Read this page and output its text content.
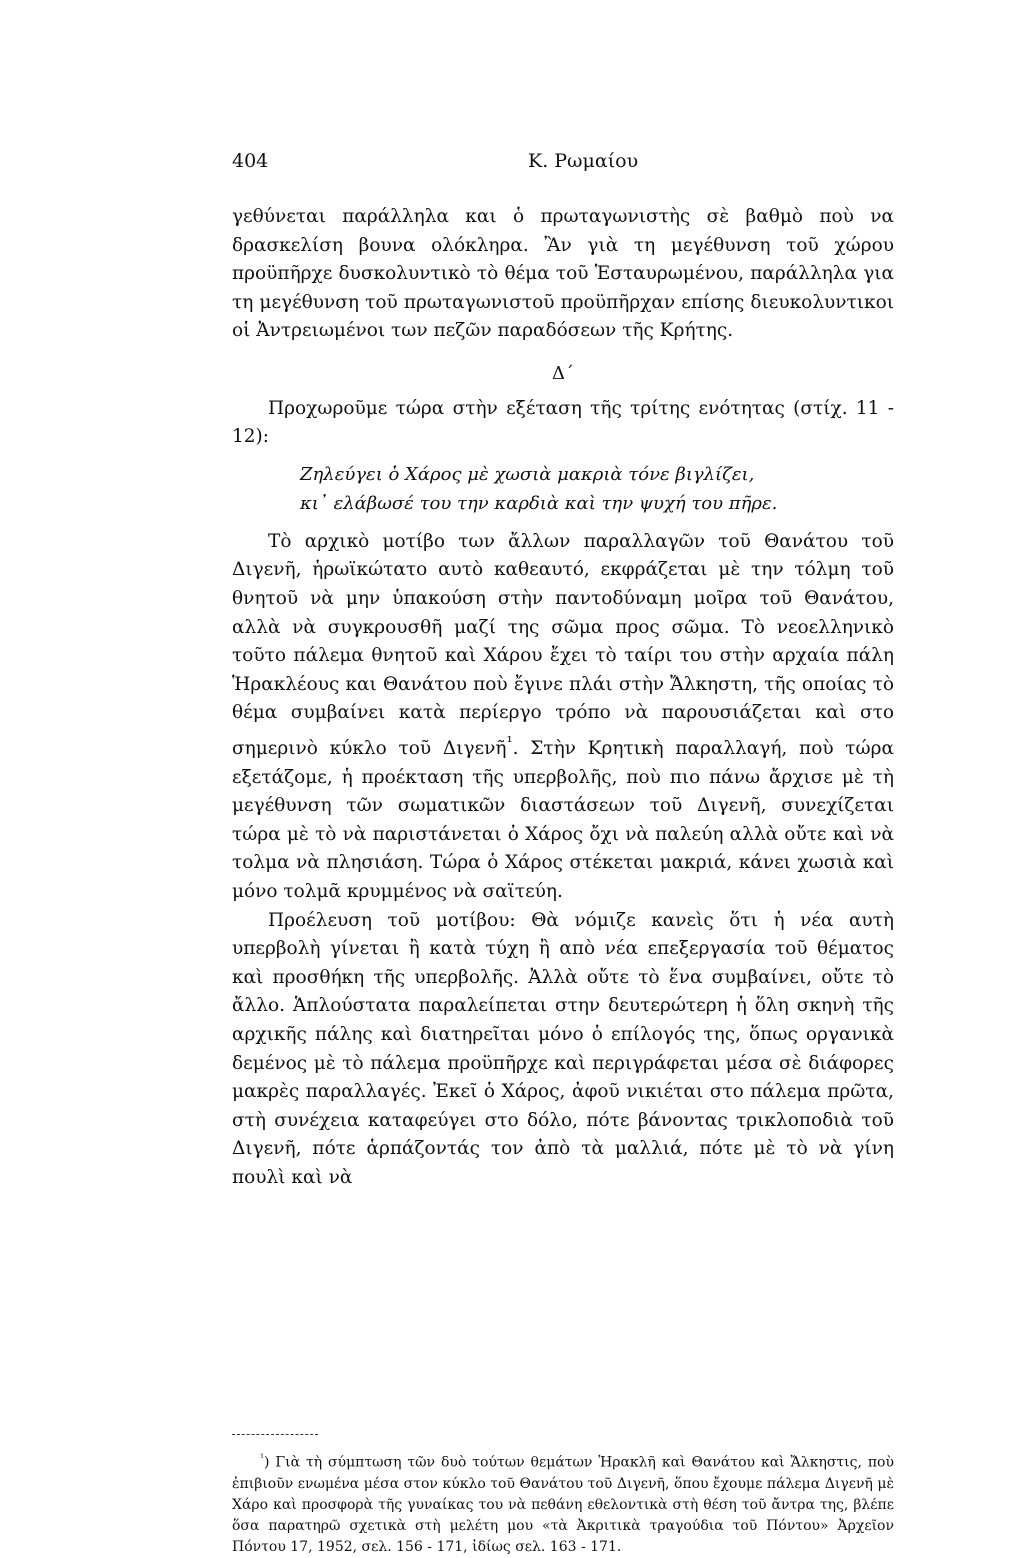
404	Κ. Ρωμαίου

γεθύνεται παράλληλα και ὁ πρωταγωνιστὴς σὲ βαθμὸ ποὺ να δρασκελίση βουνα ολόκληρα. Ἂν γιὰ τη μεγέθυνση τοῦ χώρου προϋπῆρχε δυσκολυντικὸ τὸ θέμα τοῦ Ἑσταυρωμένου, παράλληλα για τη μεγέθυνση τοῦ πρωταγωνιστοῦ προϋπῆρχαν επίσης διευκολυντικοι οἱ Ἀντρειωμένοι των πεζῶν παραδόσεων τῆς Κρήτης.

Δ΄

Προχωροῦμε τώρα στὴν εξέταση τῆς τρίτης ενότητας (στίχ. 11 - 12):

Ζηλεύγει ὁ Χάρος μὲ χωσιὰ μακριὰ τόνε βιγλίζει,
κι᾽ ελάβωσέ του την καρδιὰ καὶ την ψυχή του πῆρε.

Τὸ αρχικὸ μοτίβο των ἄλλων παραλλαγῶν τοῦ Θανάτου τοῦ Διγενῆ, ἡρωϊκώτατο αυτὸ καθεαυτό, εκφράζεται μὲ την τόλμη τοῦ θνητοῦ νὰ μην ὑπακούση στὴν παντοδύναμη μοῖρα τοῦ Θανάτου, αλλὰ νὰ συγκρουσθῆ μαζί της σῶμα προς σῶμα. Τὸ νεοελληνικὸ τοῦτο πάλεμα θνητοῦ καὶ Χάρου ἔχει τὸ ταίρι του στὴν αρχαία πάλη Ἡρακλέους και Θανάτου ποὺ ἔγινε πλάι στὴν Ἄλκηστη, τῆς οποίας τὸ θέμα συμβαίνει κατὰ περίεργο τρόπο νὰ παρουσιάζεται καὶ στο σημερινὸ κύκλο τοῦ Διγενῆ$^{^1}$. Στὴν Κρητικὴ παραλλαγή, ποὺ τώρα εξετάζομε, ἡ προέκταση τῆς υπερβολῆς, ποὺ πιο πάνω ἄρχισε μὲ τὴ μεγέθυνση τῶν σωματικῶν διαστάσεων τοῦ Διγενῆ, συνεχίζεται τώρα μὲ τὸ νὰ παριστάνεται ὁ Χάρος ὄχι νὰ παλεύη αλλὰ οὔτε καὶ νὰ τολμα νὰ πλησιάση. Τώρα ὁ Χάρος στέκεται μακριά, κάνει χωσιὰ καὶ μόνο τολμᾶ κρυμμένος νὰ σαϊτεύη.

Προέλευση τοῦ μοτίβου: Θὰ νόμιζε κανεὶς ὅτι ἡ νέα αυτὴ υπερβολὴ γίνεται ἢ κατὰ τύχη ἢ απὸ νέα επεξεργασία τοῦ θέματος καὶ προσθήκη τῆς υπερβολῆς. Ἀλλὰ οὔτε τὸ ἕνα συμβαίνει, οὔτε τὸ ἄλλο. Ἁπλούστατα παραλείπεται στην δευτερώτερη ἡ ὅλη σκηνὴ τῆς αρχικῆς πάλης καὶ διατηρεῖται μόνο ὁ επίλογός της, ὅπως οργανικὰ δεμένος μὲ τὸ πάλεμα προϋπῆρχε καὶ περιγράφεται μέσα σὲ διάφορες μακρὲς παραλλαγές. Ἐκεῖ ὁ Χάρος, ἀφοῦ νικιέται στο πάλεμα πρῶτα, στὴ συνέχεια καταφεύγει στο δόλο, πότε βάνοντας τρικλοποδιὰ τοῦ Διγενῆ, πότε ἁρπάζοντάς τον ἀπὸ τὰ μαλλιά, πότε μὲ τὸ νὰ γίνη πουλὶ καὶ νὰ

$^{^1}$) Γιὰ τὴ σύμπτωση τῶν δυὸ τούτων θεμάτων Ἡρακλῆ καὶ Θανάτου καὶ Ἄλκηστις, ποὺ ἐπιβιοῦν ενωμένα μέσα στον κύκλο τοῦ Θανάτου τοῦ Διγενῆ, ὅπου ἔχουμε πάλεμα Διγενῆ μὲ Χάρο καὶ προσφορὰ τῆς γυναίκας του νὰ πεθάνη εθελοντικὰ στὴ θέση τοῦ ἄντρα της, βλέπε ὅσα παρατηρῶ σχετικὰ στὴ μελέτη μου «τὰ Ἀκριτικὰ τραγούδια τοῦ Πόντου» Ἀρχεῖον Πόντου 17, 1952, σελ. 156 - 171, ἰδίως σελ. 163 - 171.
